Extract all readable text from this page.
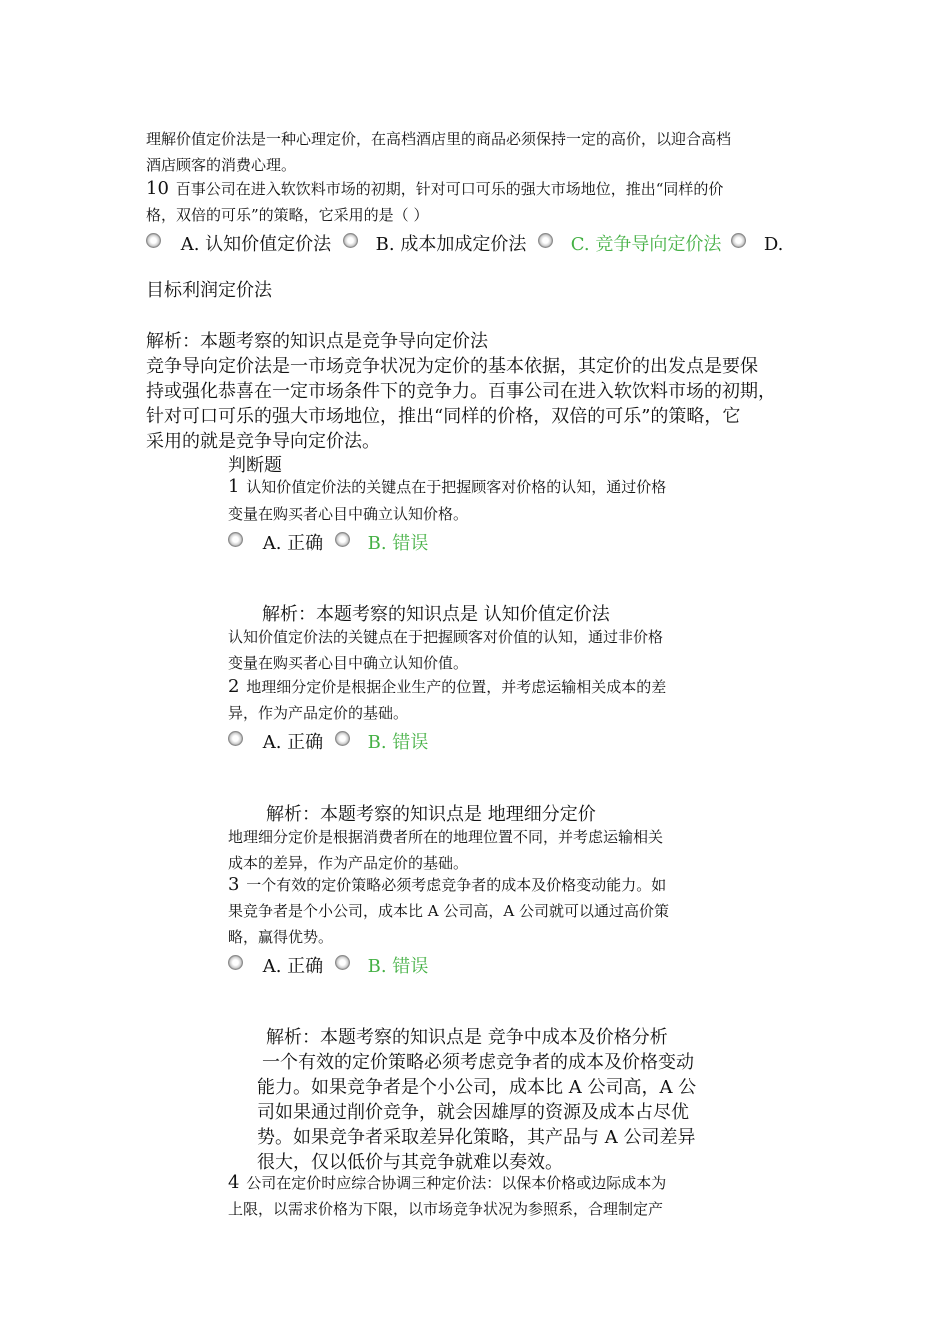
理解价值定价法是一种心理定价，在高档酒店里的商品必须保持一定的高价，以迎合高档
酒店顾客的消费心理。
10 百事公司在进入软饮料市场的初期，针对可口可乐的强大市场地位，推出“同样的价
格，双倍的可乐”的策略，它采用的是（ ）
A. 认知价值定价法 B. 成本加成定价法 C. 竞争导向定价法 D.
目标利润定价法
解析：本题考察的知识点是竞争导向定价法
竞争导向定价法是一市场竞争状况为定价的基本依据，其定价的出发点是要保
持或强化恭喜在一定市场条件下的竞争力。百事公司在进入软饮料市场的初期，
针对可口可乐的强大市场地位，推出“同样的价格，双倍的可乐”的策略，它
采用的就是竞争导向定价法。
判断题
1 认知价值定价法的关键点在于把握顾客对价格的认知，通过价格
变量在购买者心目中确立认知价格。
A. 正确 B. 错误
解析：本题考察的知识点是 认知价值定价法
认知价值定价法的关键点在于把握顾客对价值的认知，通过非价格
变量在购买者心目中确立认知价值。
2 地理细分定价是根据企业生产的位置，并考虑运输相关成本的差
异，作为产品定价的基础。
A. 正确 B. 错误
解析：本题考察的知识点是 地理细分定价
地理细分定价是根据消费者所在的地理位置不同，并考虑运输相关
成本的差异，作为产品定价的基础。
3 一个有效的定价策略必须考虑竞争者的成本及价格变动能力。如
果竞争者是个小公司，成本比 A 公司高，A 公司就可以通过高价策
略，赢得优势。
A. 正确 B. 错误
解析：本题考察的知识点是 竞争中成本及价格分析
一个有效的定价策略必须考虑竞争者的成本及价格变动
能力。如果竞争者是个小公司，成本比 A 公司高，A 公
司如果通过削价竞争，就会因雄厚的资源及成本占尽优
势。如果竞争者采取差异化策略，其产品与 A 公司差异
很大，仅以低价与其竞争就难以奏效。
4 公司在定价时应综合协调三种定价法：以保本价格或边际成本为
上限，以需求价格为下限，以市场竞争状况为参照系，合理制定产
